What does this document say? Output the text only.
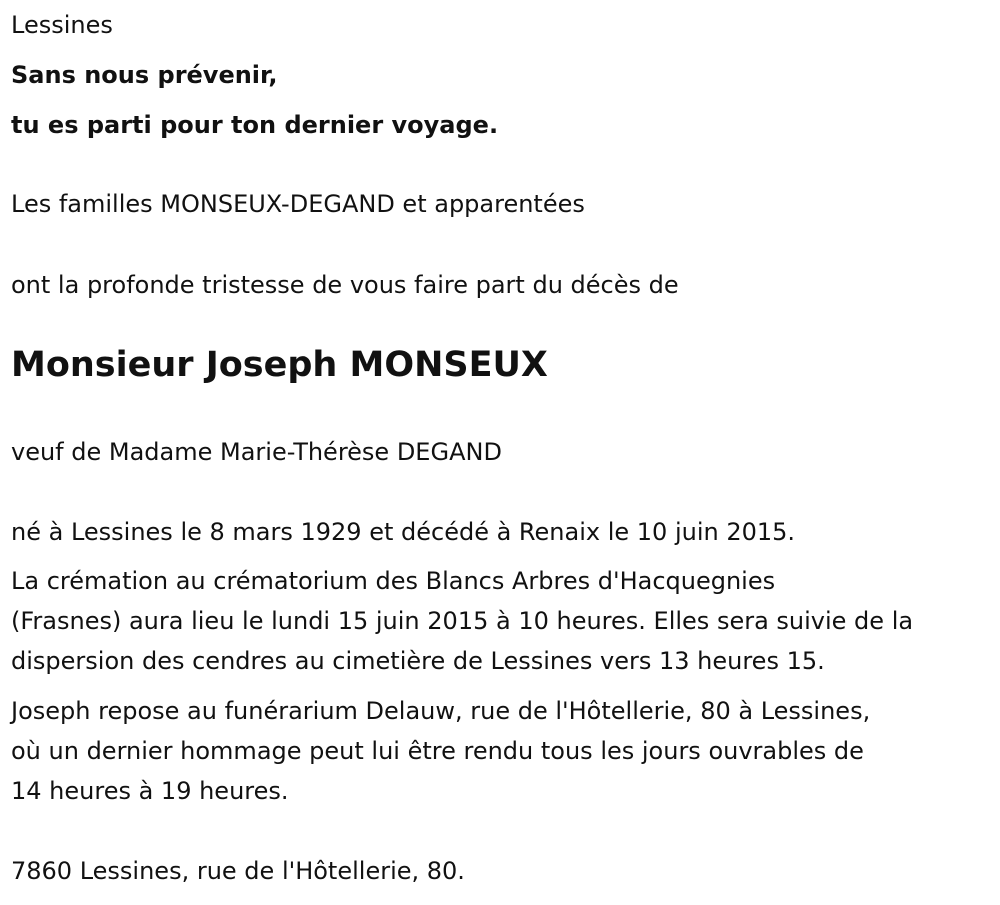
Lessines

Sans nous prévenir,

tu es parti pour ton dernier voyage.

Les familles MONSEUX-DEGAND et apparentées

ont la profonde tristesse de vous faire part du décès de

Monsieur Joseph MONSEUX

veuf de Madame Marie-Thérèse DEGAND

né à Lessines le 8 mars 1929 et décédé à Renaix le 10 juin 2015.

La crémation au crématorium des Blancs Arbres d'Hacquegnies
(Frasnes) aura lieu le lundi 15 juin 2015 à 10 heures. Elles sera suivie de la
dispersion des cendres au cimetière de Lessines vers 13 heures 15.
Joseph repose au funérarium Delauw, rue de l'Hôtellerie, 80 à Lessines,
où un dernier hommage peut lui être rendu tous les jours ouvrables de
14 heures à 19 heures.

7860 Lessines, rue de l'Hôtellerie, 80.
